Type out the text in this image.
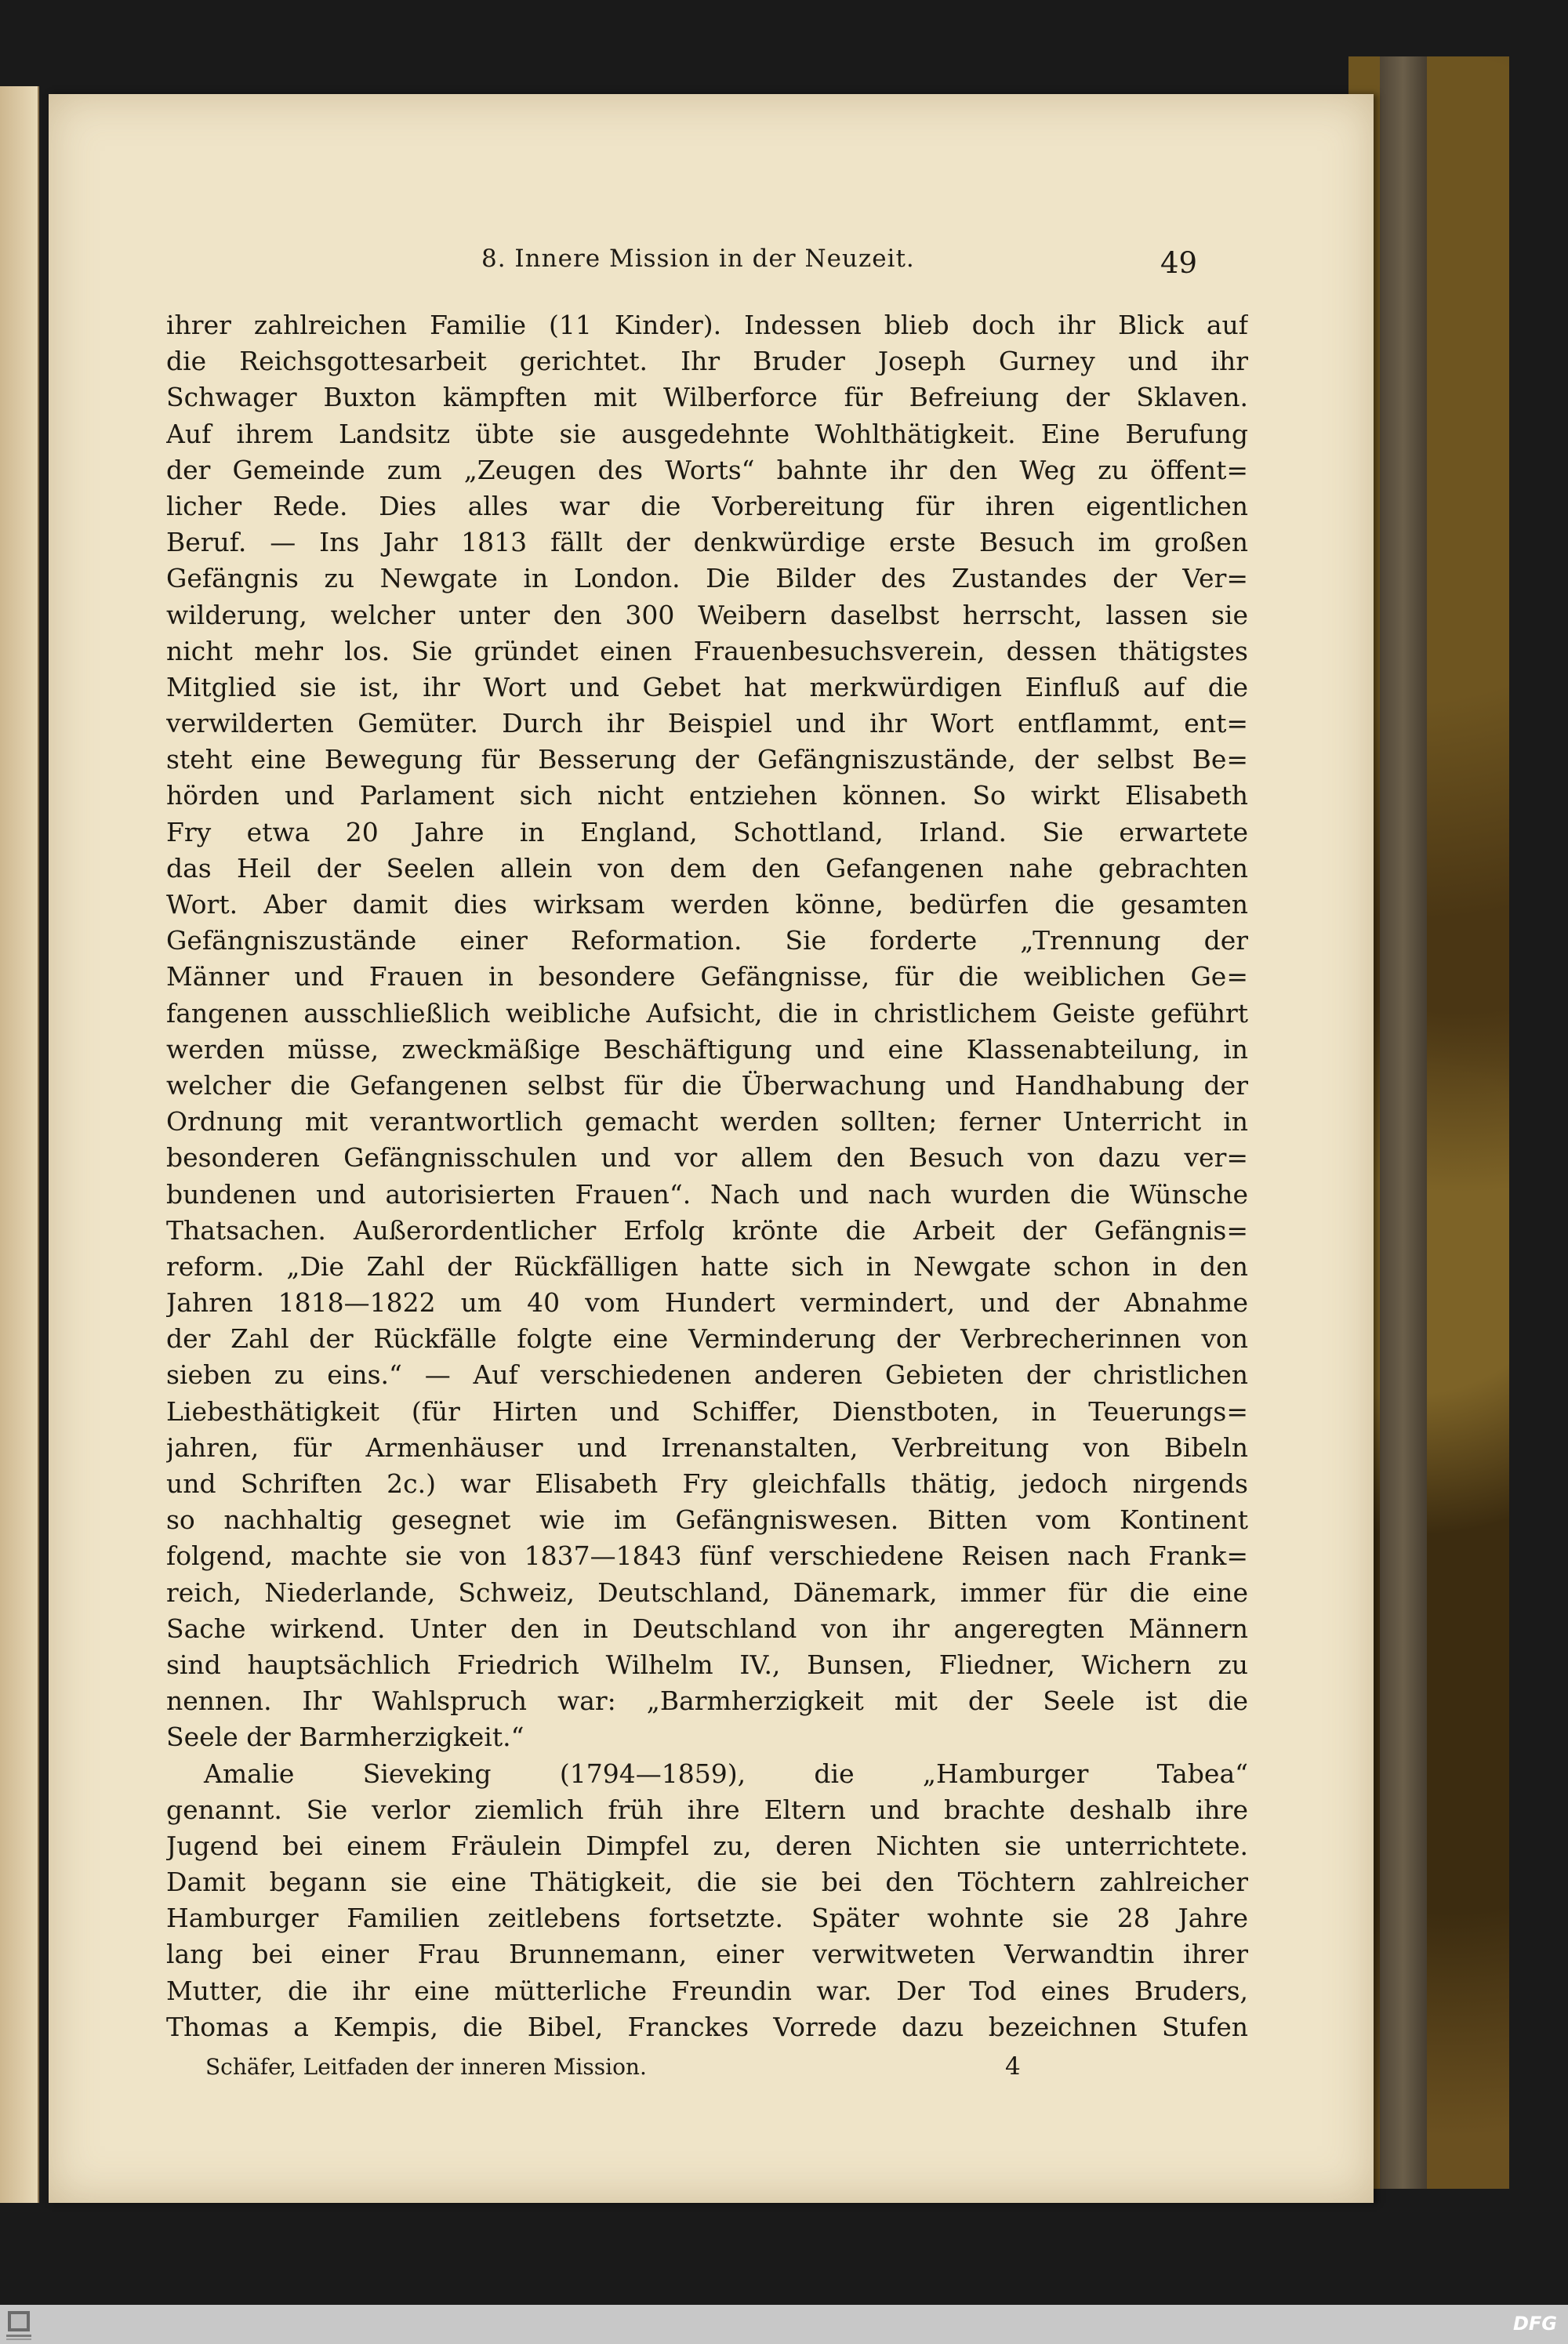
8. Innere Mission in der Neuzeit.	49
ihrer zahlreichen Familie (11 Kinder). Indessen blieb doch ihr Blick auf
die Reichsgottesarbeit gerichtet. Ihr Bruder Joseph Gurney und ihr
Schwager Buxton kämpften mit Wilberforce für Befreiung der Sklaven.
Auf ihrem Landsitz übte sie ausgedehnte Wohlthätigkeit. Eine Berufung
der Gemeinde zum „Zeugen des Worts“ bahnte ihr den Weg zu öffent=
licher Rede. Dies alles war die Vorbereitung für ihren eigentlichen
Beruf. — Ins Jahr 1813 fällt der denkwürdige erste Besuch im großen
Gefängnis zu Newgate in London. Die Bilder des Zustandes der Ver=
wilderung, welcher unter den 300 Weibern daselbst herrscht, lassen sie
nicht mehr los. Sie gründet einen Frauenbesuchsverein, dessen thätigstes
Mitglied sie ist, ihr Wort und Gebet hat merkwürdigen Einfluß auf die
verwilderten Gemüter. Durch ihr Beispiel und ihr Wort entflammt, ent=
steht eine Bewegung für Besserung der Gefängniszustände, der selbst Be=
hörden und Parlament sich nicht entziehen können. So wirkt Elisabeth
Fry etwa 20 Jahre in England, Schottland, Irland. Sie erwartete
das Heil der Seelen allein von dem den Gefangenen nahe gebrachten
Wort. Aber damit dies wirksam werden könne, bedürfen die gesamten
Gefängniszustände einer Reformation. Sie forderte „Trennung der
Männer und Frauen in besondere Gefängnisse, für die weiblichen Ge=
fangenen ausschließlich weibliche Aufsicht, die in christlichem Geiste geführt
werden müsse, zweckmäßige Beschäftigung und eine Klassenabteilung, in
welcher die Gefangenen selbst für die Überwachung und Handhabung der
Ordnung mit verantwortlich gemacht werden sollten; ferner Unterricht in
besonderen Gefängnisschulen und vor allem den Besuch von dazu ver=
bundenen und autorisierten Frauen“. Nach und nach wurden die Wünsche
Thatsachen. Außerordentlicher Erfolg krönte die Arbeit der Gefängnis=
reform. „Die Zahl der Rückfälligen hatte sich in Newgate schon in den
Jahren 1818—1822 um 40 vom Hundert vermindert, und der Abnahme
der Zahl der Rückfälle folgte eine Verminderung der Verbrecherinnen von
sieben zu eins.“ — Auf verschiedenen anderen Gebieten der christlichen
Liebesthätigkeit (für Hirten und Schiffer, Dienstboten, in Teuerungs=
jahren, für Armenhäuser und Irrenanstalten, Verbreitung von Bibeln
und Schriften 2c.) war Elisabeth Fry gleichfalls thätig, jedoch nirgends
so nachhaltig gesegnet wie im Gefängniswesen. Bitten vom Kontinent
folgend, machte sie von 1837—1843 fünf verschiedene Reisen nach Frank=
reich, Niederlande, Schweiz, Deutschland, Dänemark, immer für die eine
Sache wirkend. Unter den in Deutschland von ihr angeregten Männern
sind hauptsächlich Friedrich Wilhelm IV., Bunsen, Fliedner, Wichern zu
nennen. Ihr Wahlspruch war: „Barmherzigkeit mit der Seele ist die
Seele der Barmherzigkeit.“
Amalie Sieveking (1794—1859), die „Hamburger Tabea“
genannt. Sie verlor ziemlich früh ihre Eltern und brachte deshalb ihre
Jugend bei einem Fräulein Dimpfel zu, deren Nichten sie unterrichtete.
Damit begann sie eine Thätigkeit, die sie bei den Töchtern zahlreicher
Hamburger Familien zeitlebens fortsetzte. Später wohnte sie 28 Jahre
lang bei einer Frau Brunnemann, einer verwitweten Verwandtin ihrer
Mutter, die ihr eine mütterliche Freundin war. Der Tod eines Bruders,
Thomas a Kempis, die Bibel, Franckes Vorrede dazu bezeichnen Stufen
Schäfer, Leitfaden der inneren Mission.	4
DFG
